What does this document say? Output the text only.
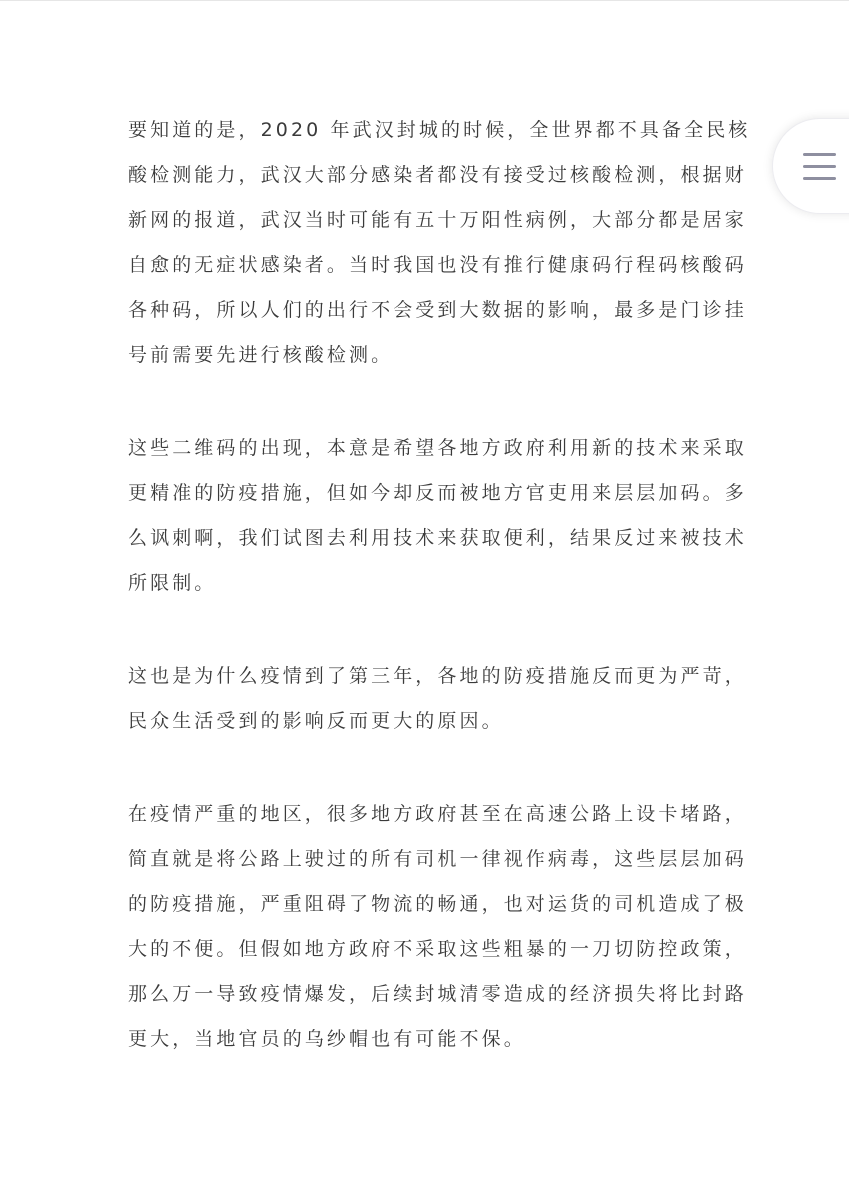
要知道的是，2020 年武汉封城的时候，全世界都不具备全民核
酸检测能力，武汉大部分感染者都没有接受过核酸检测，根据财
新网的报道，武汉当时可能有五十万阳性病例，大部分都是居家
自愈的无症状感染者。当时我国也没有推行健康码行程码核酸码
各种码，所以人们的出行不会受到大数据的影响，最多是门诊挂
号前需要先进行核酸检测。

这些二维码的出现，本意是希望各地方政府利用新的技术来采取
更精准的防疫措施，但如今却反而被地方官吏用来层层加码。多
么讽刺啊，我们试图去利用技术来获取便利，结果反过来被技术
所限制。

这也是为什么疫情到了第三年，各地的防疫措施反而更为严苛，
民众生活受到的影响反而更大的原因。

在疫情严重的地区，很多地方政府甚至在高速公路上设卡堵路，
简直就是将公路上驶过的所有司机一律视作病毒，这些层层加码
的防疫措施，严重阻碍了物流的畅通，也对运货的司机造成了极
大的不便。但假如地方政府不采取这些粗暴的一刀切防控政策，
那么万一导致疫情爆发，后续封城清零造成的经济损失将比封路
更大，当地官员的乌纱帽也有可能不保。
